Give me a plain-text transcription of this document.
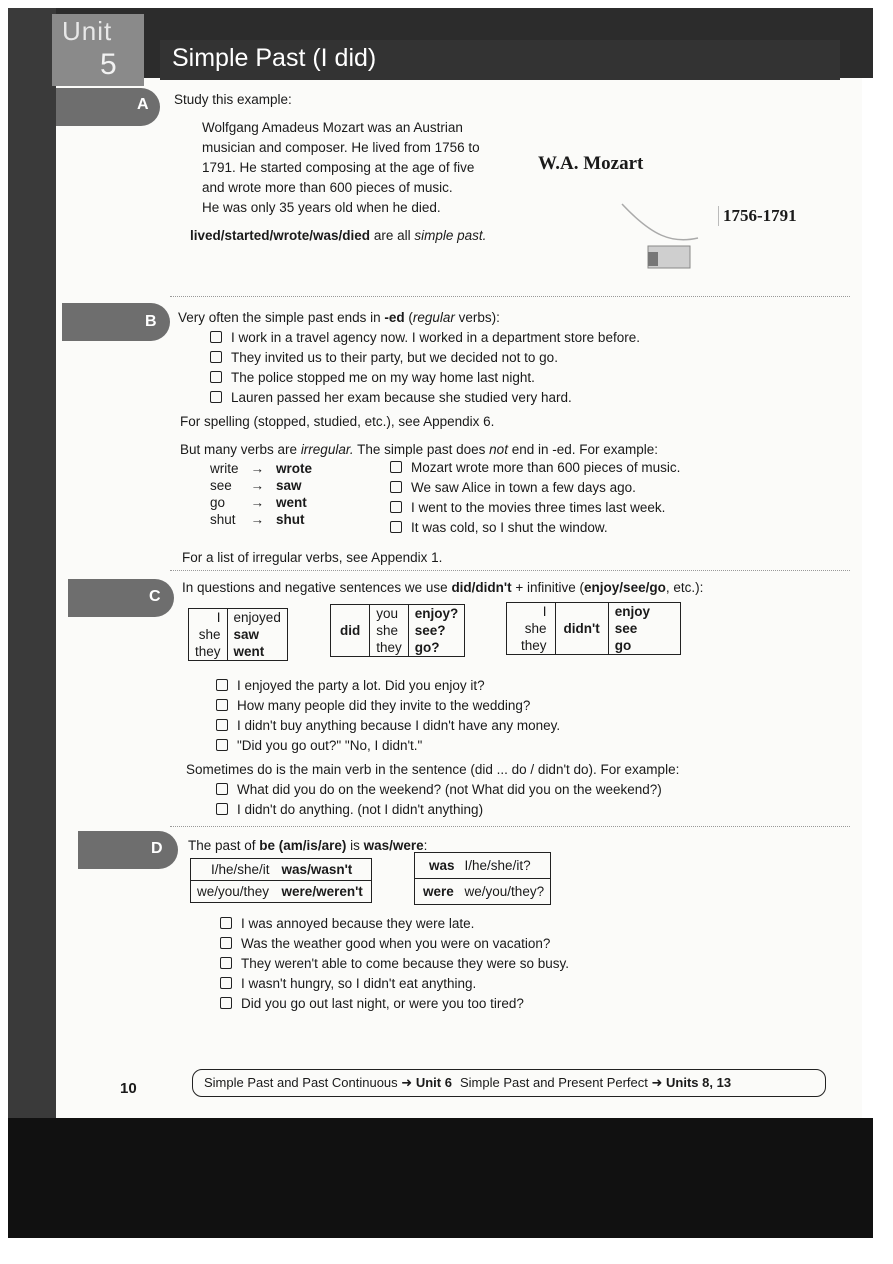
Unit
5 Simple Past (I did)
A Study this example:
Wolfgang Amadeus Mozart was an Austrian
musician and composer. He lived from 1756 to
1791. He started composing at the age of five
and wrote more than 600 pieces of music.
He was only 35 years old when he died.
lived/started/wrote/was/died are all simple past.
W.A. Mozart
1756-1791
B Very often the simple past ends in -ed (regular verbs):
I work in a travel agency now. I worked in a department store before.
They invited us to their party, but we decided not to go.
The police stopped me on my way home last night.
Lauren passed her exam because she studied very hard.
For spelling (stopped, studied, etc.), see Appendix 6.
But many verbs are irregular. The simple past does not end in -ed. For example:
write	→	wrote
see	→	saw
go	→	went
shut	→	shut
Mozart wrote more than 600 pieces of music.
We saw Alice in town a few days ago.
I went to the movies three times last week.
It was cold, so I shut the window.
For a list of irregular verbs, see Appendix 1.
C
In questions and negative sentences we use did/didn't + infinitive (enjoy/see/go, etc.):
I	enjoyed
she	saw
they	went
did	you	enjoy?
	she	see?
	they	go?
I	didn't	enjoy
she		see
they		go
I enjoyed the party a lot. Did you enjoy it?
How many people did they invite to the wedding?
I didn't buy anything because I didn't have any money.
"Did you go out?" "No, I didn't."
Sometimes do is the main verb in the sentence (did ... do / didn't do). For example:
What did you do on the weekend? (not What did you on the weekend?)
I didn't do anything. (not I didn't anything)
D The past of be (am/is/are) is was/were:
I/he/she/it	was/wasn't
we/you/they	were/weren't
was	I/he/she/it?
were	we/you/they?
I was annoyed because they were late.
Was the weather good when you were on vacation?
They weren't able to come because they were so busy.
I wasn't hungry, so I didn't eat anything.
Did you go out last night, or were you too tired?
10	Simple Past and Past Continuous ➜ Unit 6 Simple Past and Present Perfect ➜ Units 8, 13
